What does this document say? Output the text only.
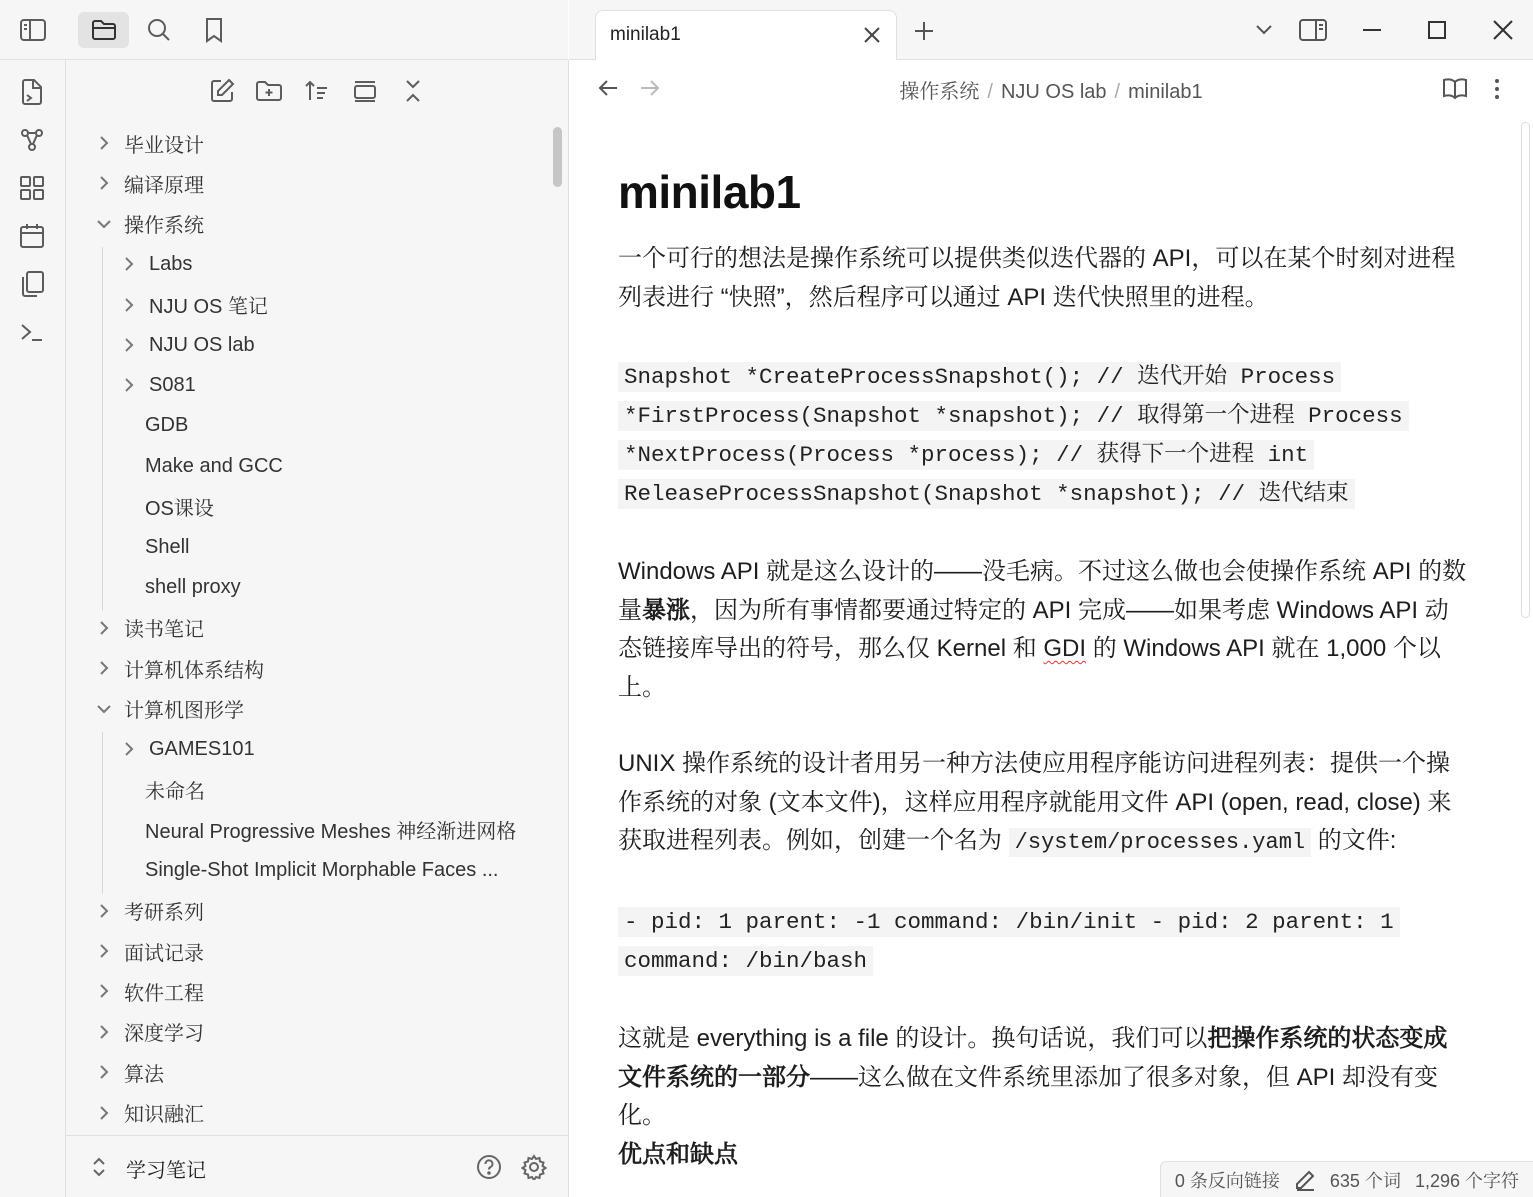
毕业设计
编译原理
操作系统
Labs
NJU OS 笔记
NJU OS lab
S081
GDB
Make and GCC
OS课设
Shell
shell proxy
读书笔记
计算机体系结构
计算机图形学
GAMES101
未命名
Neural Progressive Meshes 神经渐进网格
Single-Shot Implicit Morphable Faces ...
考研系列
面试记录
软件工程
深度学习
算法
知识融汇
学习笔记
minilab1
操作系统 / NJU OS lab / minilab1
minilab1

一个可行的想法是操作系统可以提供类似迭代器的 API，可以在某个时刻对进程列表进行 “快照”，然后程序可以通过 API 迭代快照里的进程。

Snapshot *CreateProcessSnapshot(); // 迭代开始 Process *FirstProcess(Snapshot *snapshot); // 取得第一个进程 Process *NextProcess(Process *process); // 获得下一个进程 int ReleaseProcessSnapshot(Snapshot *snapshot); // 迭代结束

Windows API 就是这么设计的——没毛病。不过这么做也会使操作系统 API 的数量暴涨，因为所有事情都要通过特定的 API 完成——如果考虑 Windows API 动态链接库导出的符号，那么仅 Kernel 和 GDI 的 Windows API 就在 1,000 个以上。

UNIX 操作系统的设计者用另一种方法使应用程序能访问进程列表：提供一个操作系统的对象 (文本文件)，这样应用程序就能用文件 API (open, read, close) 来获取进程列表。例如，创建一个名为 /system/processes.yaml 的文件:

- pid: 1 parent: -1 command: /bin/init - pid: 2 parent: 1 command: /bin/bash

这就是 everything is a file 的设计。换句话说，我们可以把操作系统的状态变成文件系统的一部分——这么做在文件系统里添加了很多对象，但 API 却没有变化。

优点和缺点

0 条反向链接	635 个词 1,296 个字符
